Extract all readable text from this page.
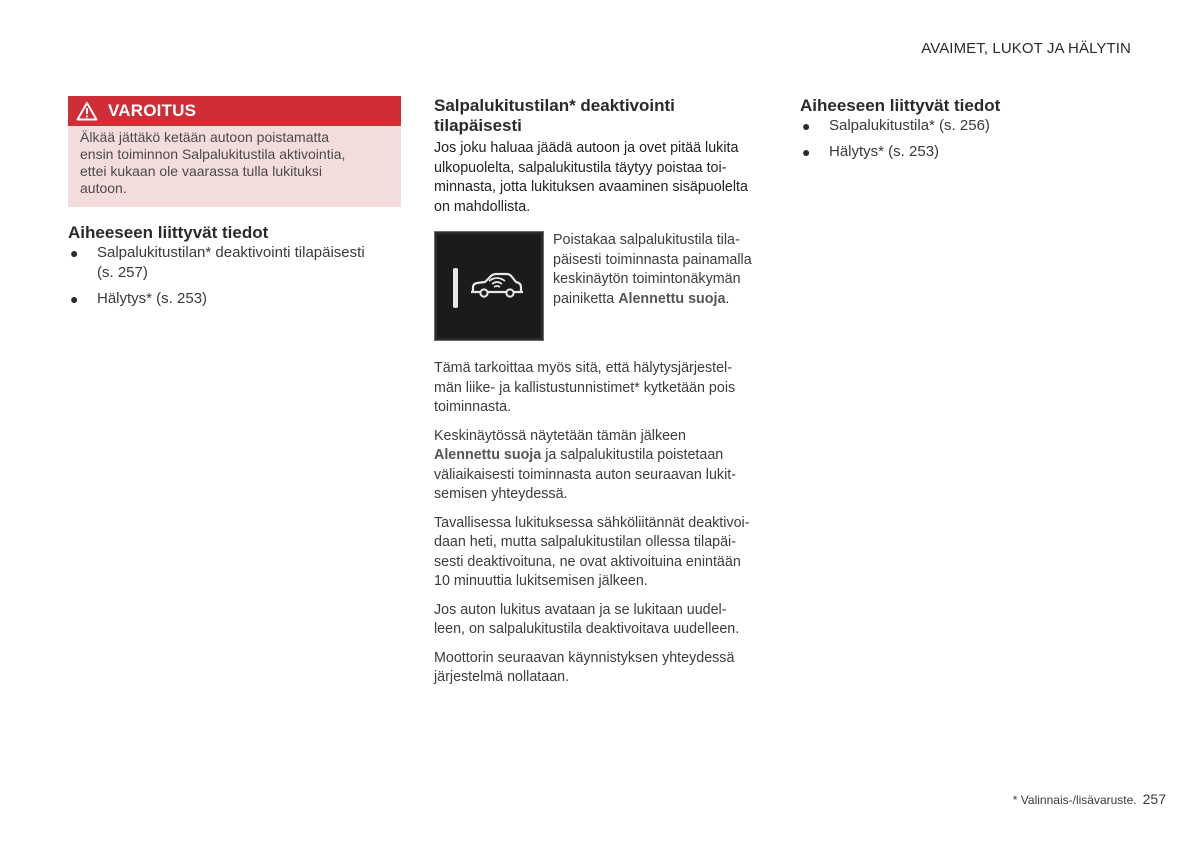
AVAIMET, LUKOT JA HÄLYTIN
VAROITUS
Älkää jättäkö ketään autoon poistamatta
ensin toiminnon Salpalukitustila aktivointia,
ettei kukaan ole vaarassa tulla lukituksi
autoon.
Aiheeseen liittyvät tiedot
● Salpalukitustilan* deaktivointi tilapäisesti
(s. 257)
● Hälytys* (s. 253)
Salpalukitustilan* deaktivointi
tilapäisesti

Jos joku haluaa jäädä autoon ja ovet pitää lukita
ulkopuolelta, salpalukitustila täytyy poistaa toi-
minnasta, jotta lukituksen avaaminen sisäpuolelta
on mahdollista.

Poistakaa salpalukitustila tila-
päisesti toiminnasta painamalla
keskinäytön toimintonäkymän
painiketta Alennettu suoja.

Tämä tarkoittaa myös sitä, että hälytysjärjestel-
män liike- ja kallistustunnistimet* kytketään pois
toiminnasta.

Keskinäytössä näytetään tämän jälkeen
Alennettu suoja ja salpalukitustila poistetaan
väliaikaisesti toiminnasta auton seuraavan lukit-
semisen yhteydessä.

Tavallisessa lukituksessa sähköliitännät deaktivoi-
daan heti, mutta salpalukitustilan ollessa tilapäi-
sesti deaktivoituna, ne ovat aktivoituina enintään
10 minuuttia lukitsemisen jälkeen.

Jos auton lukitus avataan ja se lukitaan uudel-
leen, on salpalukitustila deaktivoitava uudelleen.

Moottorin seuraavan käynnistyksen yhteydessä
järjestelmä nollataan.

Aiheeseen liittyvät tiedot
● Salpalukitustila* (s. 256)
● Hälytys* (s. 253)
* Valinnais-/lisävaruste. 257
